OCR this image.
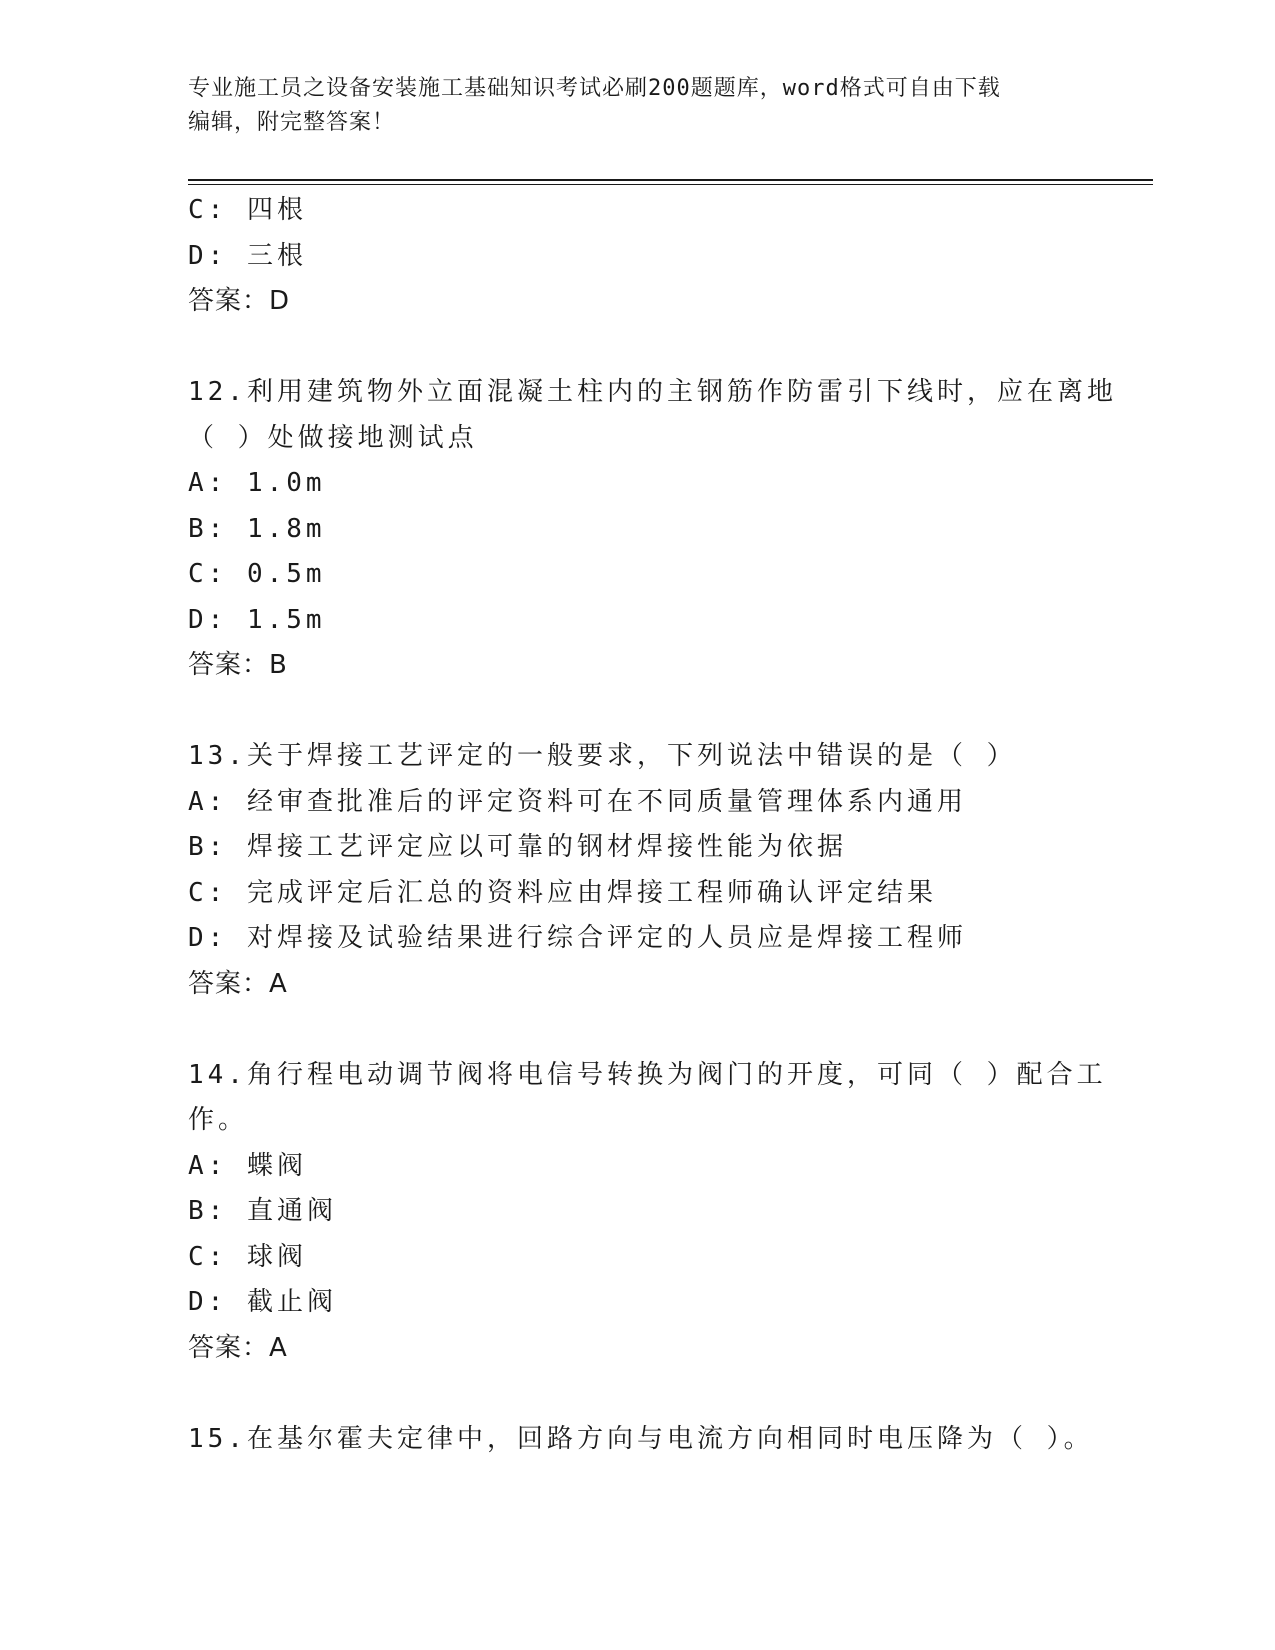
专业施工员之设备安装施工基础知识考试必刷200题题库，word格式可自由下载
编辑，附完整答案！
C: 四根
D: 三根
答案：D
12.利用建筑物外立面混凝土柱内的主钢筋作防雷引下线时，应在离地
（ ）处做接地测试点
A: 1.0m
B: 1.8m
C: 0.5m
D: 1.5m
答案：B
13.关于焊接工艺评定的一般要求，下列说法中错误的是（ ）
A: 经审查批准后的评定资料可在不同质量管理体系内通用
B: 焊接工艺评定应以可靠的钢材焊接性能为依据
C: 完成评定后汇总的资料应由焊接工程师确认评定结果
D: 对焊接及试验结果进行综合评定的人员应是焊接工程师
答案：A
14.角行程电动调节阀将电信号转换为阀门的开度，可同（ ）配合工
作。
A: 蝶阀
B: 直通阀
C: 球阀
D: 截止阀
答案：A
15.在基尔霍夫定律中，回路方向与电流方向相同时电压降为（ ）。
